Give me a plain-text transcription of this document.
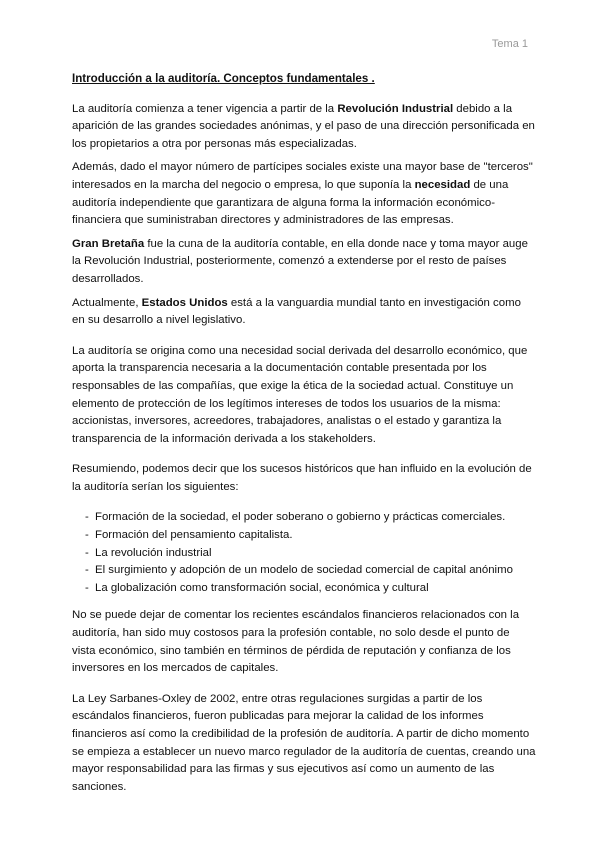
Tema 1
Introducción a la auditoría. Conceptos fundamentales .

La auditoría comienza a tener vigencia a partir de la Revolución Industrial debido a la aparición de las grandes sociedades anónimas, y el paso de una dirección personificada en los propietarios a otra por personas más especializadas.

Además, dado el mayor número de partícipes sociales existe una mayor base de "terceros" interesados en la marcha del negocio o empresa, lo que suponía la necesidad de una auditoría independiente que garantizara de alguna forma la información económico-financiera que suministraban directores y administradores de las empresas.

Gran Bretaña fue la cuna de la auditoría contable, en ella donde nace y toma mayor auge la Revolución Industrial, posteriormente, comenzó a extenderse por el resto de países desarrollados.

Actualmente, Estados Unidos está a la vanguardia mundial tanto en investigación como en su desarrollo a nivel legislativo.

La auditoría se origina como una necesidad social derivada del desarrollo económico, que aporta la transparencia necesaria a la documentación contable presentada por los responsables de las compañías, que exige la ética de la sociedad actual. Constituye un elemento de protección de los legítimos intereses de todos los usuarios de la misma: accionistas, inversores, acreedores, trabajadores, analistas o el estado y garantiza la transparencia de la información derivada a los stakeholders.

Resumiendo, podemos decir que los sucesos históricos que han influido en la evolución de la auditoría serían los siguientes:

- Formación de la sociedad, el poder soberano o gobierno y prácticas comerciales.
- Formación del pensamiento capitalista.
- La revolución industrial
- El surgimiento y adopción de un modelo de sociedad comercial de capital anónimo
- La globalización como transformación social, económica y cultural

No se puede dejar de comentar los recientes escándalos financieros relacionados con la auditoría, han sido muy costosos para la profesión contable, no solo desde el punto de vista económico, sino también en términos de pérdida de reputación y confianza de los inversores en los mercados de capitales.

La Ley Sarbanes-Oxley de 2002, entre otras regulaciones surgidas a partir de los escándalos financieros, fueron publicadas para mejorar la calidad de los informes financieros así como la credibilidad de la profesión de auditoría. A partir de dicho momento se empieza a establecer un nuevo marco regulador de la auditoría de cuentas, creando una mayor responsabilidad para las firmas y sus ejecutivos así como un aumento de las sanciones.
